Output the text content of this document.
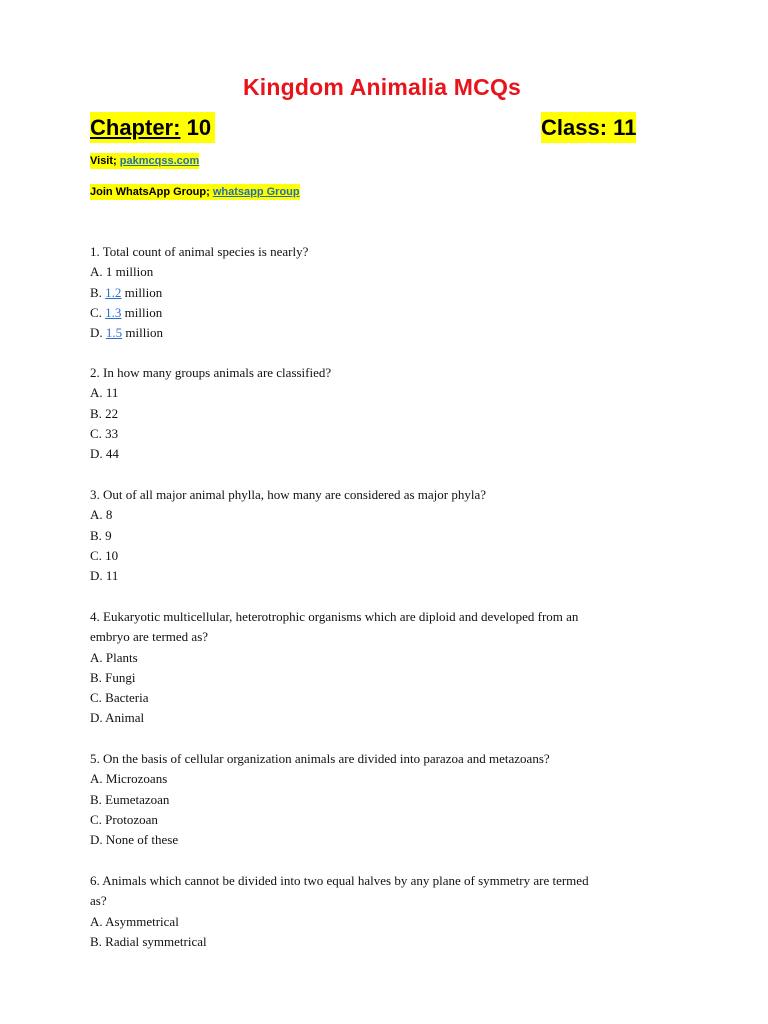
Kingdom Animalia MCQs
Chapter: 10	Class: 11
Visit; pakmcqss.com
Join WhatsApp Group; whatsapp Group
1. Total count of animal species is nearly?
A. 1 million
B. 1.2 million
C. 1.3 million
D. 1.5 million
2. In how many groups animals are classified?
A. 11
B. 22
C. 33
D. 44
3. Out of all major animal phylla, how many are considered as major phyla?
A. 8
B. 9
C. 10
D. 11
4. Eukaryotic multicellular, heterotrophic organisms which are diploid and developed from an
embryo are termed as?
A. Plants
B. Fungi
C. Bacteria
D. Animal
5. On the basis of cellular organization animals are divided into parazoa and metazoans?
A. Microzoans
B. Eumetazoan
C. Protozoan
D. None of these
6. Animals which cannot be divided into two equal halves by any plane of symmetry are termed
as?
A. Asymmetrical
B. Radial symmetrical
